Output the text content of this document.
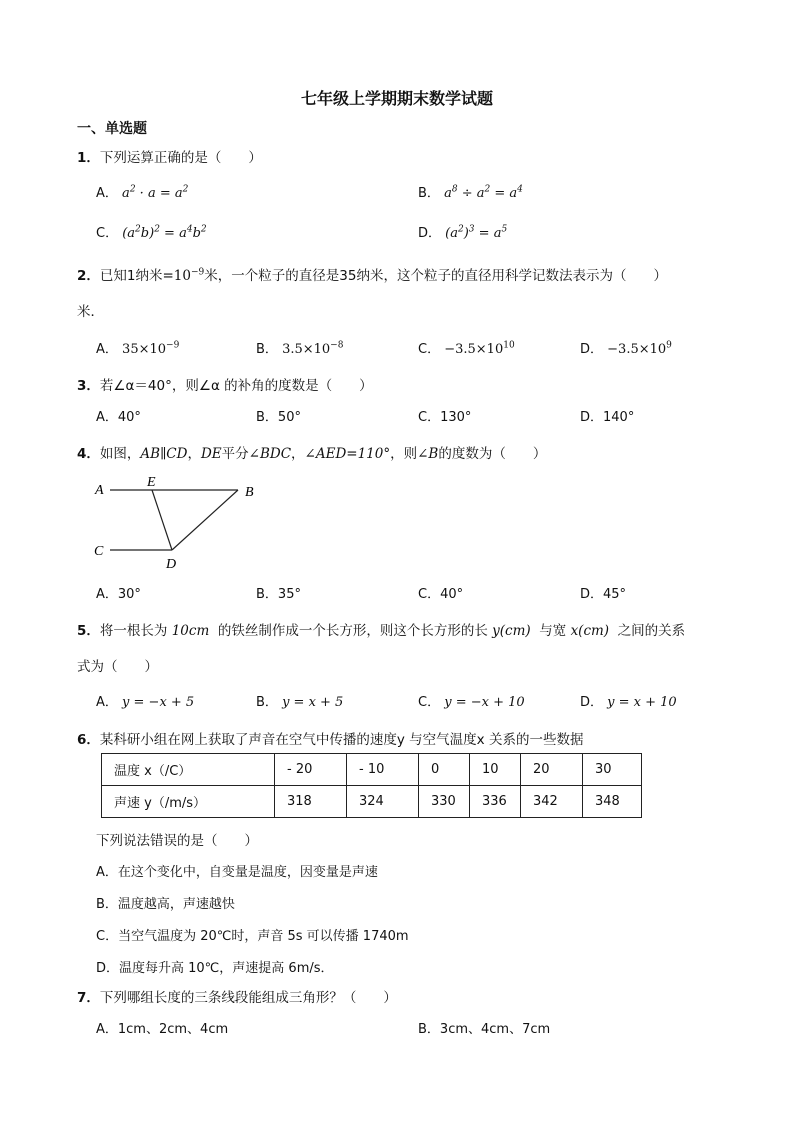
七年级上学期期末数学试题
一、单选题
1．下列运算正确的是（　　）
A． $a^2 \cdot a = a^2$	B． $a^8 \div a^2 = a^4$
C． $(a^2b)^2 = a^4b^2$	D． $(a^2)^3 = a^5$
2．已知1纳米$=10^{-9}$米，一个粒子的直径是35纳米，这个粒子的直径用科学记数法表示为（　　）
米．
A． $35\times 10^{-9}$	B． $3.5\times 10^{-8}$	C． $-3.5\times 10^{10}$	D． $-3.5\times 10^9$
3．若∠α＝40°，则∠α 的补角的度数是（　　）
A．40°	B．50°	C．130°	D．140°
4．如图，AB∥CD，DE平分∠BDC，∠AED=110°，则∠B的度数为（　　）
A
E
B
C
D
A．30°	B．35°	C．40°	D．45°
5．将一根长为 10cm 的铁丝制作成一个长方形，则这个长方形的长 y(cm) 与宽 x(cm) 之间的关系
式为（　　）
A． y = −x + 5	B． y = x + 5	C． y = −x + 10	D． y = x + 10
6．某科研小组在网上获取了声音在空气中传播的速度y 与空气温度x 关系的一些数据
温度 x（/C）	- 20	- 10	0	10	20	30
声速 y（/m/s）	318	324	330	336	342	348
下列说法错误的是（　　）
A．在这个变化中，自变量是温度，因变量是声速
B．温度越高，声速越快
C．当空气温度为 20℃时，声音 5s 可以传播 1740m
D．温度每升高 10℃，声速提高 6m/s．
7．下列哪组长度的三条线段能组成三角形？（　　）
A．1cm、2cm、4cm	B．3cm、4cm、7cm
